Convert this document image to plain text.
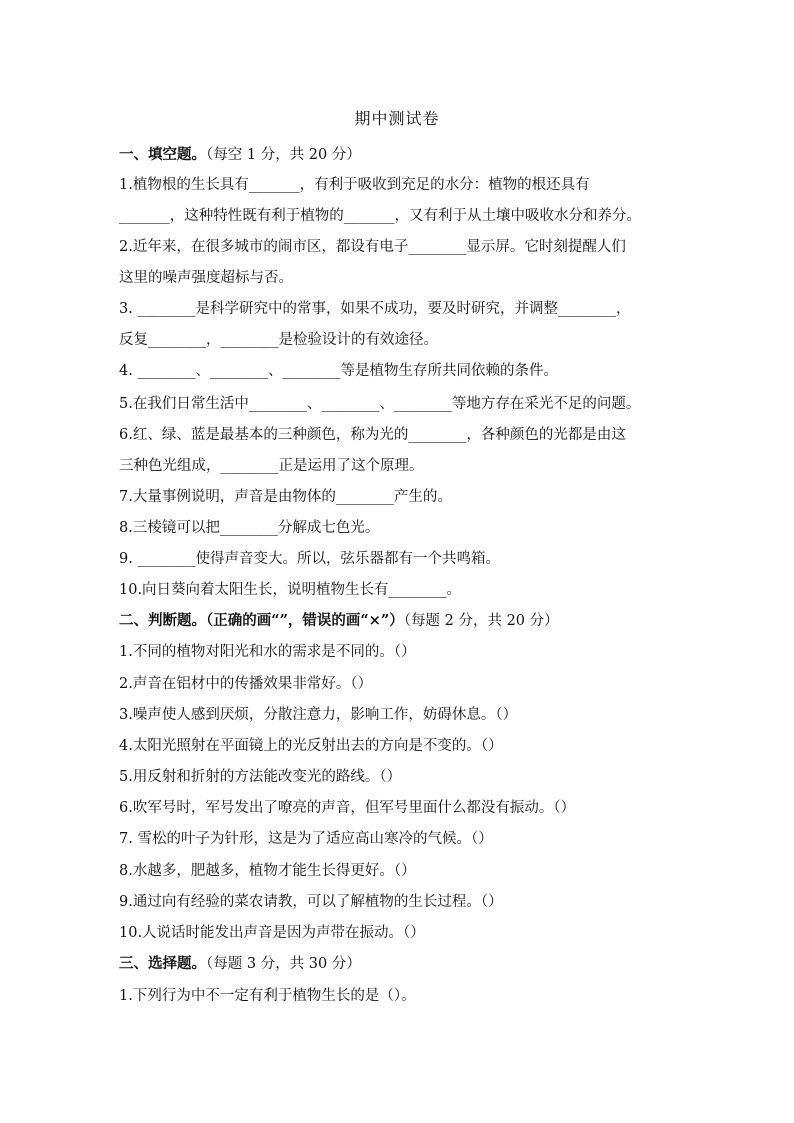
期中测试卷
一、填空题。（每空 1 分，共 20 分）
1.植物根的生长具有_______，有利于吸收到充足的水分：植物的根还具有
_______，这种特性既有利于植物的_______，又有利于从土壤中吸收水分和养分。
2.近年来，在很多城市的闹市区，都设有电子________显示屏。它时刻提醒人们
这里的噪声强度超标与否。
3. ________是科学研究中的常事，如果不成功，要及时研究，并调整________，
反复________，________是检验设计的有效途径。
4. ________、________、________等是植物生存所共同依赖的条件。
5.在我们日常生活中________、________、________等地方存在采光不足的问题。
6.红、绿、蓝是最基本的三种颜色，称为光的________，各种颜色的光都是由这
三种色光组成，________正是运用了这个原理。
7.大量事例说明，声音是由物体的________产生的。
8.三棱镜可以把________分解成七色光。
9. ________使得声音变大。所以，弦乐器都有一个共鸣箱。
10.向日葵向着太阳生长，说明植物生长有________。
二、判断题。（正确的画“”，错误的画“×”）（每题 2 分，共 20 分）
1.不同的植物对阳光和水的需求是不同的。（）
2.声音在铝材中的传播效果非常好。（）
3.噪声使人感到厌烦，分散注意力，影响工作，妨碍休息。（）
4.太阳光照射在平面镜上的光反射出去的方向是不变的。（）
5.用反射和折射的方法能改变光的路线。（）
6.吹军号时，军号发出了嘹亮的声音，但军号里面什么都没有振动。（）
7. 雪松的叶子为针形，这是为了适应高山寒冷的气候。（）
8.水越多，肥越多，植物才能生长得更好。（）
9.通过向有经验的菜农请教，可以了解植物的生长过程。（）
10.人说话时能发出声音是因为声带在振动。（）
三、选择题。（每题 3 分，共 30 分）
1.下列行为中不一定有利于植物生长的是（）。
